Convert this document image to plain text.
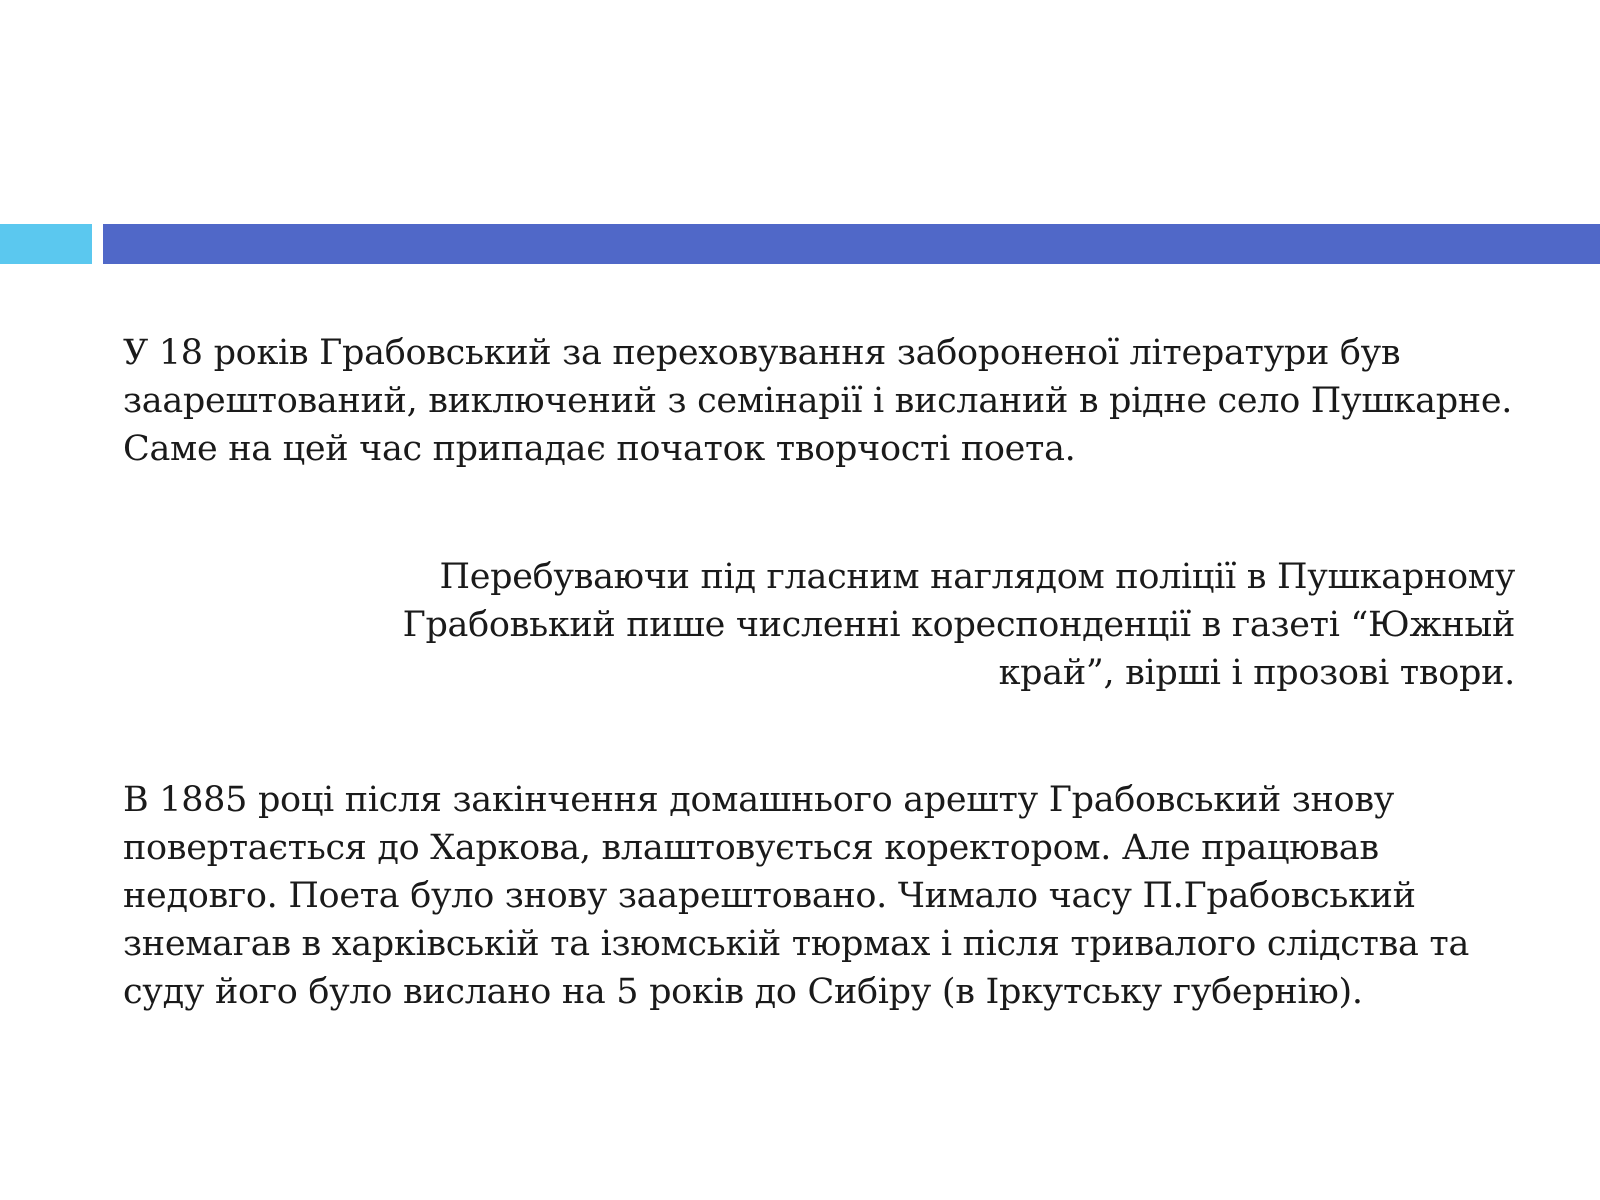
У 18 років Грабовський за переховування забороненої літератури був заарештований, виключений з семінарії і висланий в рідне село Пушкарне. Саме на цей час припадає початок творчості поета.

Перебуваючи під гласним наглядом поліції в Пушкарному Грабовький пише численні кореспонденції в газеті “Южный край”, вірші і прозові твори.

В 1885 році після закінчення домашнього арешту Грабовський знову повертається до Харкова, влаштовується коректором. Але працював недовго. Поета було знову заарештовано. Чимало часу П.Грабовський знемагав в харківській та ізюмській тюрмах і після тривалого слідства та суду його було вислано на 5 років до Сибіру (в Іркутську губернію).
